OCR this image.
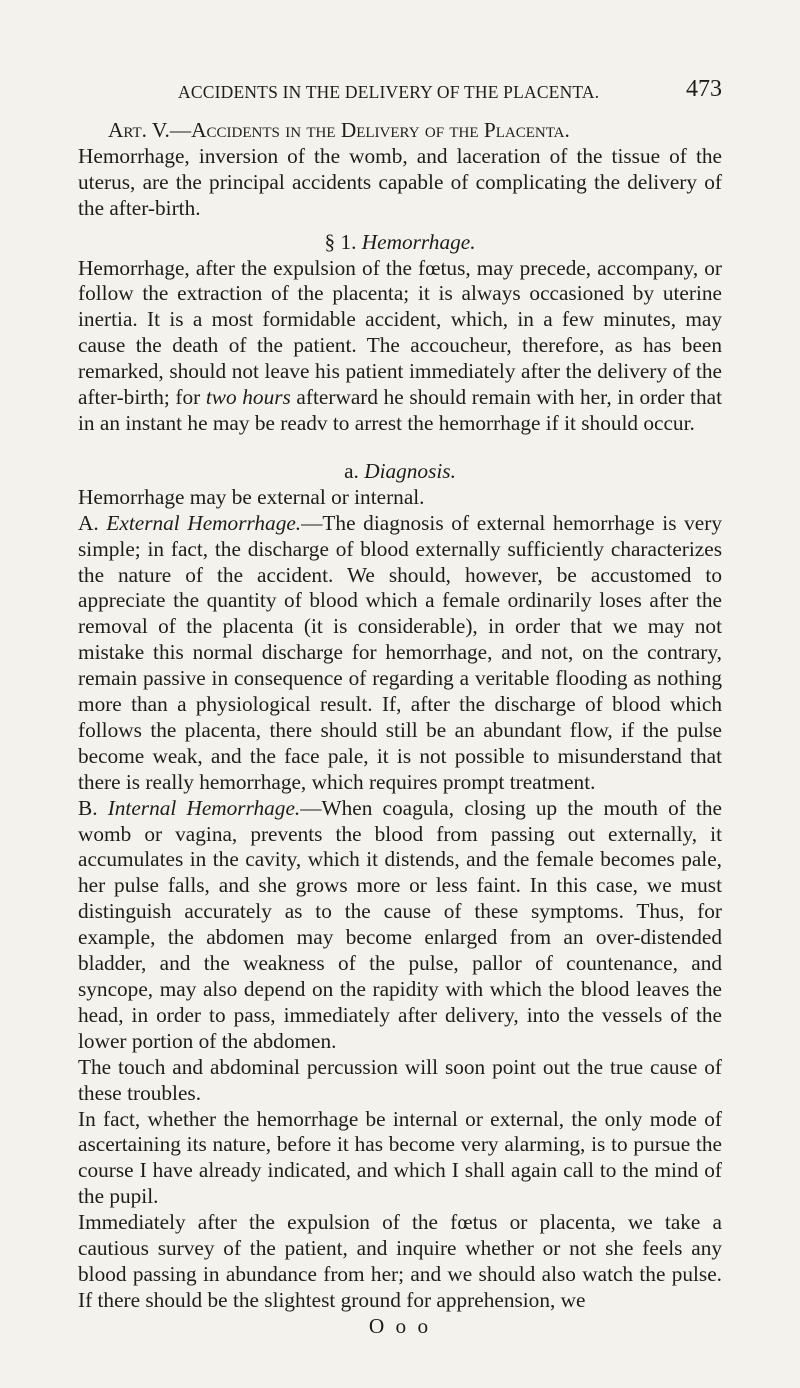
ACCIDENTS IN THE DELIVERY OF THE PLACENTA.	473

Art. V.—Accidents in the Delivery of the Placenta.

Hemorrhage, inversion of the womb, and laceration of the tissue of the uterus, are the principal accidents capable of complicating the delivery of the after-birth.

§ 1. Hemorrhage.

Hemorrhage, after the expulsion of the fœtus, may precede, accompany, or follow the extraction of the placenta; it is always occasioned by uterine inertia. It is a most formidable accident, which, in a few minutes, may cause the death of the patient. The accoucheur, therefore, as has been remarked, should not leave his patient immediately after the delivery of the after-birth; for two hours afterward he should remain with her, in order that in an instant he may be readv to arrest the hemorrhage if it should occur.

a. Diagnosis.

Hemorrhage may be external or internal.

A. External Hemorrhage.—The diagnosis of external hemorrhage is very simple; in fact, the discharge of blood externally sufficiently characterizes the nature of the accident. We should, however, be accustomed to appreciate the quantity of blood which a female ordinarily loses after the removal of the placenta (it is considerable), in order that we may not mistake this normal discharge for hemorrhage, and not, on the contrary, remain passive in consequence of regarding a veritable flooding as nothing more than a physiological result. If, after the discharge of blood which follows the placenta, there should still be an abundant flow, if the pulse become weak, and the face pale, it is not possible to misunderstand that there is really hemorrhage, which requires prompt treatment.

B. Internal Hemorrhage.—When coagula, closing up the mouth of the womb or vagina, prevents the blood from passing out externally, it accumulates in the cavity, which it distends, and the female becomes pale, her pulse falls, and she grows more or less faint. In this case, we must distinguish accurately as to the cause of these symptoms. Thus, for example, the abdomen may become enlarged from an over-distended bladder, and the weakness of the pulse, pallor of countenance, and syncope, may also depend on the rapidity with which the blood leaves the head, in order to pass, immediately after delivery, into the vessels of the lower portion of the abdomen.

The touch and abdominal percussion will soon point out the true cause of these troubles.

In fact, whether the hemorrhage be internal or external, the only mode of ascertaining its nature, before it has become very alarming, is to pursue the course I have already indicated, and which I shall again call to the mind of the pupil.

Immediately after the expulsion of the fœtus or placenta, we take a cautious survey of the patient, and inquire whether or not she feels any blood passing in abundance from her; and we should also watch the pulse. If there should be the slightest ground for apprehension, we

O o o
